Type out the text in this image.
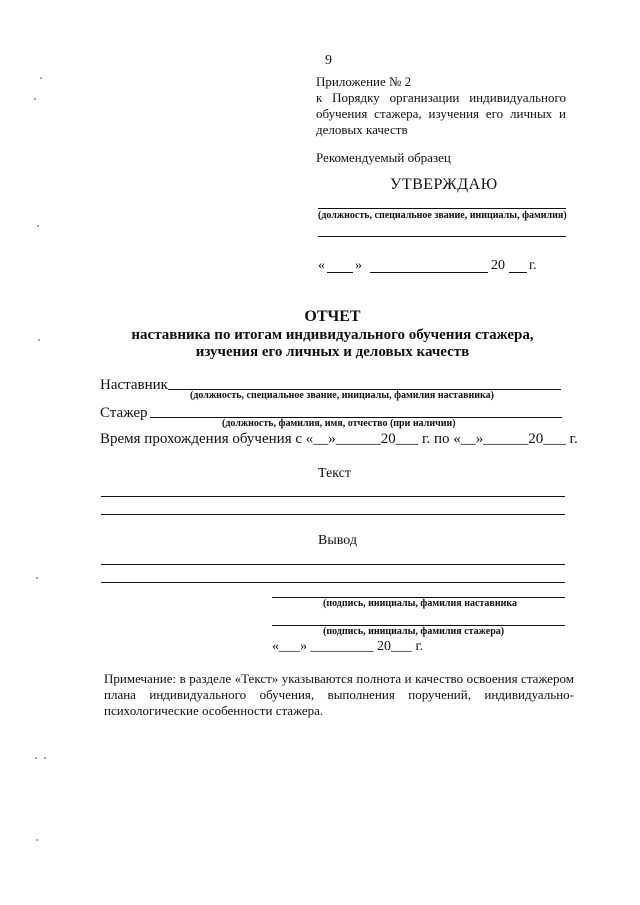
9
Приложение № 2
к Порядку организации индивидуального
обучения стажера, изучения его личных и
деловых качеств
Рекомендуемый образец
УТВЕРЖДАЮ
(должность, специальное звание, инициалы, фамилия)
« »	20 г.
ОТЧЕТ
наставника по итогам индивидуального обучения стажера,
изучения его личных и деловых качеств
Наставник
(должность, специальное звание, инициалы, фамилия наставника)
Стажер
(должность, фамилия, имя, отчество (при наличии)
Время прохождения обучения с «__»______20___ г. по «__»______20___ г.
Текст
Вывод
(подпись, инициалы, фамилия наставника
(подпись, инициалы, фамилия стажера)
«___» _________ 20___ г.
Примечание: в разделе «Текст» указываются полнота и качество освоения стажером плана индивидуального обучения, выполнения поручений, индивидуально-психологические особенности стажера.
